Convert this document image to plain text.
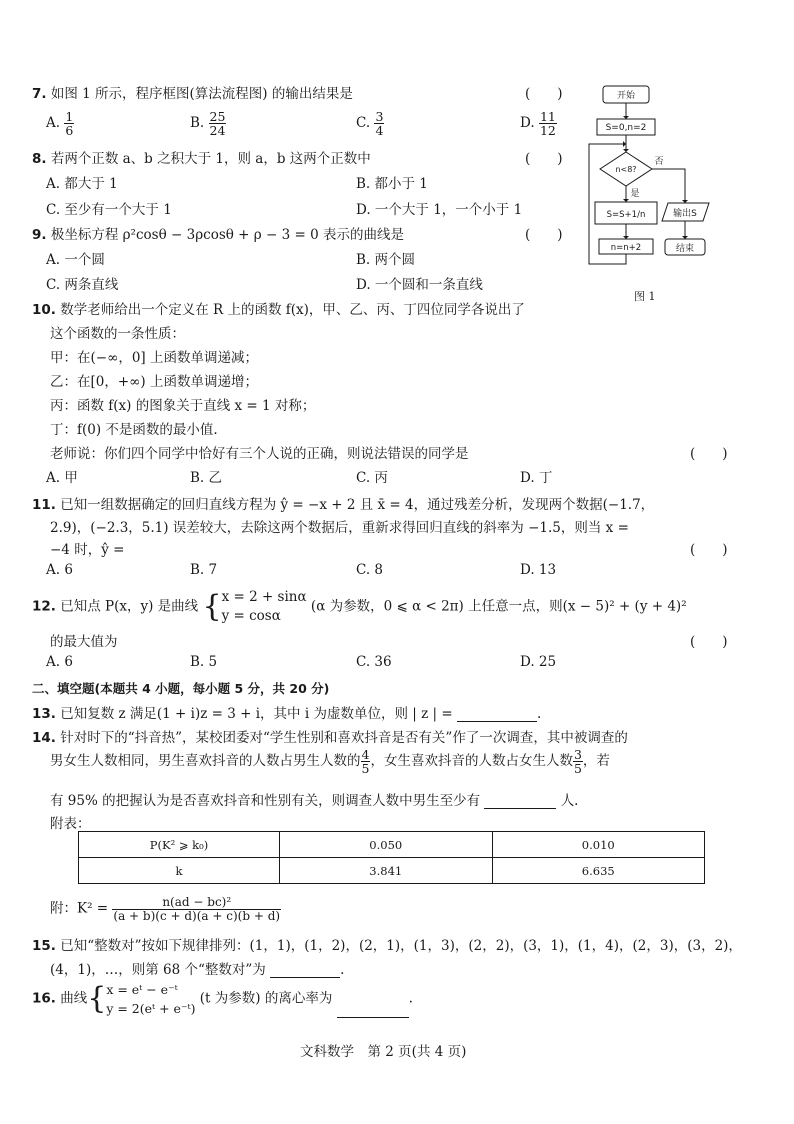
7. 如图 1 所示，程序框图(算法流程图) 的输出结果是	(　　)
A. $\frac{1}{6}$	B. $\frac{25}{24}$	C. $\frac{3}{4}$	D. $\frac{11}{12}$
8. 若两个正数 a、b 之积大于 1，则 a，b 这两个正数中	(　　)
A. 都大于 1	B. 都小于 1
C. 至少有一个大于 1	D. 一个大于 1，一个小于 1
9. 极坐标方程 ρ²cosθ − 3ρcosθ + ρ − 3 = 0 表示的曲线是	(　　)
A. 一个圆	B. 两个圆
C. 两条直线	D. 一个圆和一条直线
10. 数学老师给出一个定义在 R 上的函数 f(x)，甲、乙、丙、丁四位同学各说出了
这个函数的一条性质：
甲：在(−∞，0] 上函数单调递减；
乙：在[0，+∞) 上函数单调递增；
丙：函数 f(x) 的图象关于直线 x = 1 对称；
丁：f(0) 不是函数的最小值.
老师说：你们四个同学中恰好有三个人说的正确，则说法错误的同学是	(　　)
A. 甲	B. 乙	C. 丙	D. 丁
11. 已知一组数据确定的回归直线方程为 ŷ = −x + 2 且 x̄ = 4，通过残差分析，发现两个数据(−1.7，
2.9)，(−2.3，5.1) 误差较大，去除这两个数据后，重新求得回归直线的斜率为 −1.5，则当 x =
−4 时，ŷ =	(　　)
A. 6	B. 7	C. 8	D. 13
12. 已知点 P(x，y) 是曲线 { x = 2 + sinα
y = cosα
(α 为参数，0 ⩽ α < 2π) 上任意一点，则(x − 5)² + (y + 4)²
的最大值为	(　　)
A. 6	B. 5	C. 36	D. 25
二、填空题(本题共 4 小题，每小题 5 分，共 20 分)
13. 已知复数 z 满足(1 + i)z = 3 + i，其中 i 为虚数单位，则 | z | =	.
14. 针对时下的“抖音热”，某校团委对“学生性别和喜欢抖音是否有关”作了一次调查，其中被调查的
男女生人数相同，男生喜欢抖音的人数占男生人数的 $\frac{4}{5}$ ，女生喜欢抖音的人数占女生人数 $\frac{3}{5}$ ，若
有 95% 的把握认为是否喜欢抖音和性别有关，则调查人数中男生至少有	人.
附表：
P(K² ⩾ k₀)	0.050	0.010
k	3.841	6.635
附：$K^2 = \frac{\text{n(ad − bc)²}}{(a + b)(c + d)(a + c)(b + d)}$
15. 已知“整数对”按如下规律排列：(1，1)，(1，2)，(2，1)，(1，3)，(2，2)，(3，1)，(1，4)，(2，3)，(3，2)，
(4，1)，…，则第 68 个“整数对”为	.
16. 曲线{ x = eᵗ − e⁻ᵗ
y = 2(eᵗ + e⁻ᵗ)
(t 为参数) 的离心率为	.
文科数学　第 2 页(共 4 页)
开始
S=0,n=2
n<8?
否
是
S=S+1/n
n=n+2
输出S
结束
图 1
